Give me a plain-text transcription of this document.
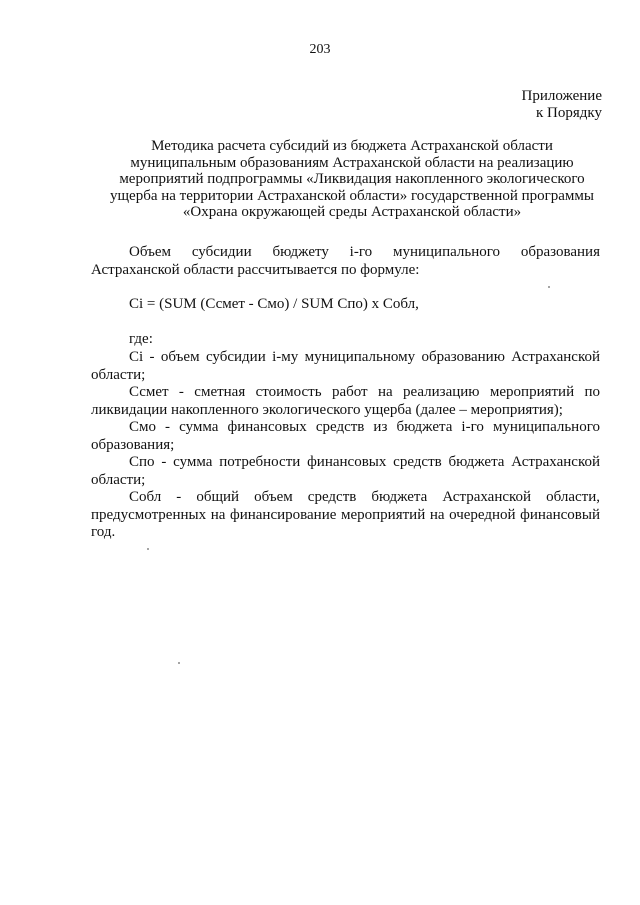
203
Приложение
к Порядку
Методика расчета субсидий из бюджета Астраханской области
муниципальным образованиям Астраханской области на реализацию
мероприятий подпрограммы «Ликвидация накопленного экологического
ущерба на территории Астраханской области» государственной программы
«Охрана окружающей среды Астраханской области»

Объем субсидии бюджету i-го муниципального образования

Астраханской области рассчитывается по формуле:
Ci = (SUM (Ссмет - Смо) / SUM Спо) x Собл,
где:

Ci - объем субсидии i-му муниципальному образованию Астраханской
области;

Ссмет - сметная стоимость работ на реализацию мероприятий по
ликвидации накопленного экологического ущерба (далее – мероприятия);

Смо - сумма финансовых средств из бюджета i-го муниципального
образования;

Спо - сумма потребности финансовых средств бюджета Астраханской
области;

Собл - общий объем средств бюджета Астраханской области,
предусмотренных на финансирование мероприятий на очередной финансовый год.
